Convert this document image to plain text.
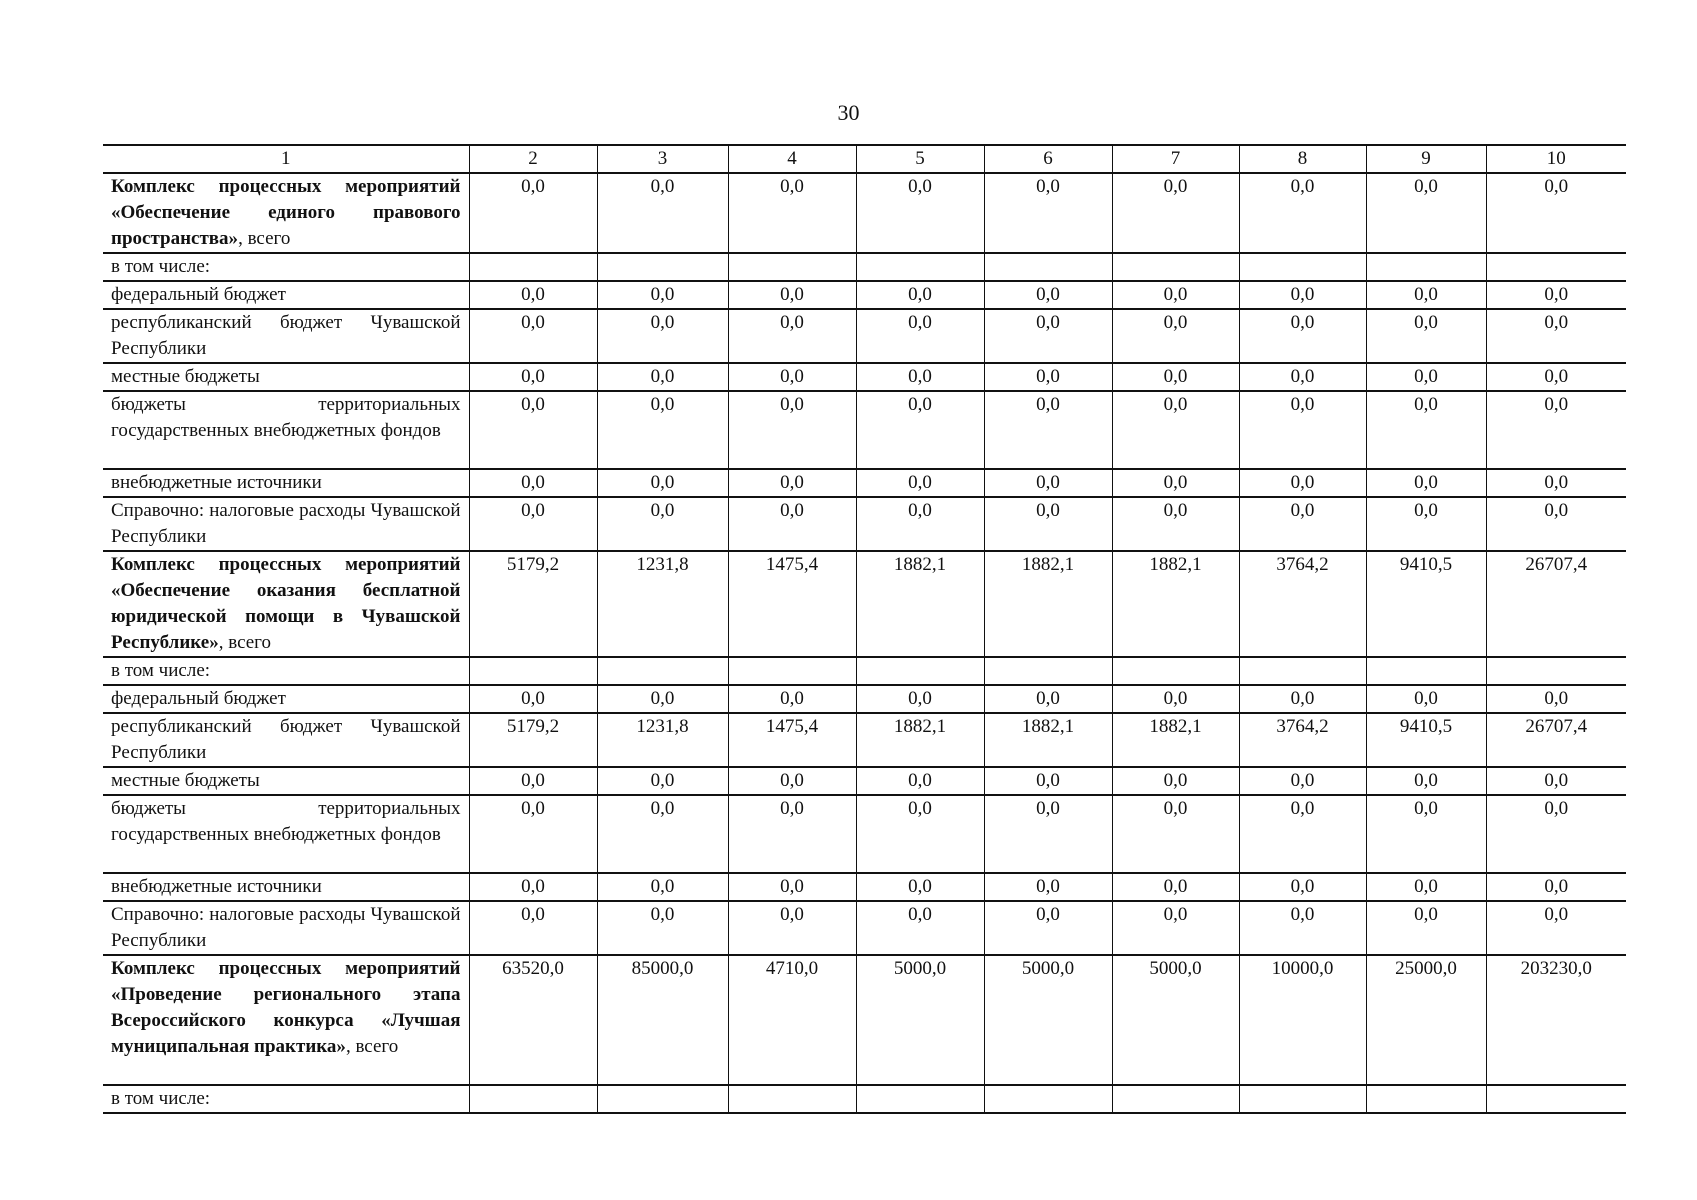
30
1	2	3	4	5	6	7	8	9	10
Комплекс процессных мероприятий «Обеспечение единого правового пространства», всего	0,0	0,0	0,0	0,0	0,0	0,0	0,0	0,0	0,0
в том числе:									
федеральный бюджет	0,0	0,0	0,0	0,0	0,0	0,0	0,0	0,0	0,0
республиканский бюджет Чувашской Республики	0,0	0,0	0,0	0,0	0,0	0,0	0,0	0,0	0,0
местные бюджеты	0,0	0,0	0,0	0,0	0,0	0,0	0,0	0,0	0,0
бюджеты территориальных государственных внебюджетных фондов	0,0	0,0	0,0	0,0	0,0	0,0	0,0	0,0	0,0
внебюджетные источники	0,0	0,0	0,0	0,0	0,0	0,0	0,0	0,0	0,0
Справочно: налоговые расходы Чувашской Республики	0,0	0,0	0,0	0,0	0,0	0,0	0,0	0,0	0,0
Комплекс процессных мероприятий «Обеспечение оказания бесплатной юридической помощи в Чувашской Республике», всего	5179,2	1231,8	1475,4	1882,1	1882,1	1882,1	3764,2	9410,5	26707,4
в том числе:									
федеральный бюджет	0,0	0,0	0,0	0,0	0,0	0,0	0,0	0,0	0,0
республиканский бюджет Чувашской Республики	5179,2	1231,8	1475,4	1882,1	1882,1	1882,1	3764,2	9410,5	26707,4
местные бюджеты	0,0	0,0	0,0	0,0	0,0	0,0	0,0	0,0	0,0
бюджеты территориальных государственных внебюджетных фондов	0,0	0,0	0,0	0,0	0,0	0,0	0,0	0,0	0,0
внебюджетные источники	0,0	0,0	0,0	0,0	0,0	0,0	0,0	0,0	0,0
Справочно: налоговые расходы Чувашской Республики	0,0	0,0	0,0	0,0	0,0	0,0	0,0	0,0	0,0
Комплекс процессных мероприятий «Проведение регионального этапа Всероссийского конкурса «Лучшая муниципальная практика», всего	63520,0	85000,0	4710,0	5000,0	5000,0	5000,0	10000,0	25000,0	203230,0
в том числе:									
